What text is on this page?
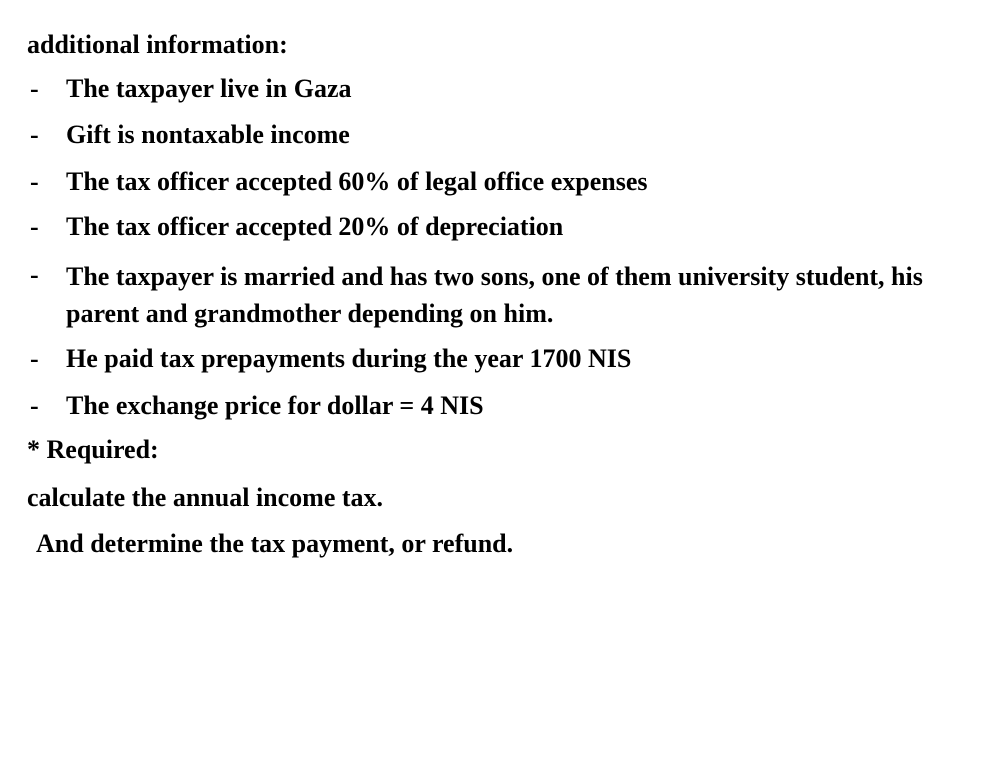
additional information:
- The taxpayer live in Gaza
- Gift is nontaxable income
- The tax officer accepted 60% of legal office expenses
- The tax officer accepted 20% of depreciation
- The taxpayer is married and has two sons, one of them university student, his parent and grandmother depending on him.
- He paid tax prepayments during the year 1700 NIS
- The exchange price for dollar = 4 NIS
* Required:
calculate the annual income tax.
And determine the tax payment, or refund.
